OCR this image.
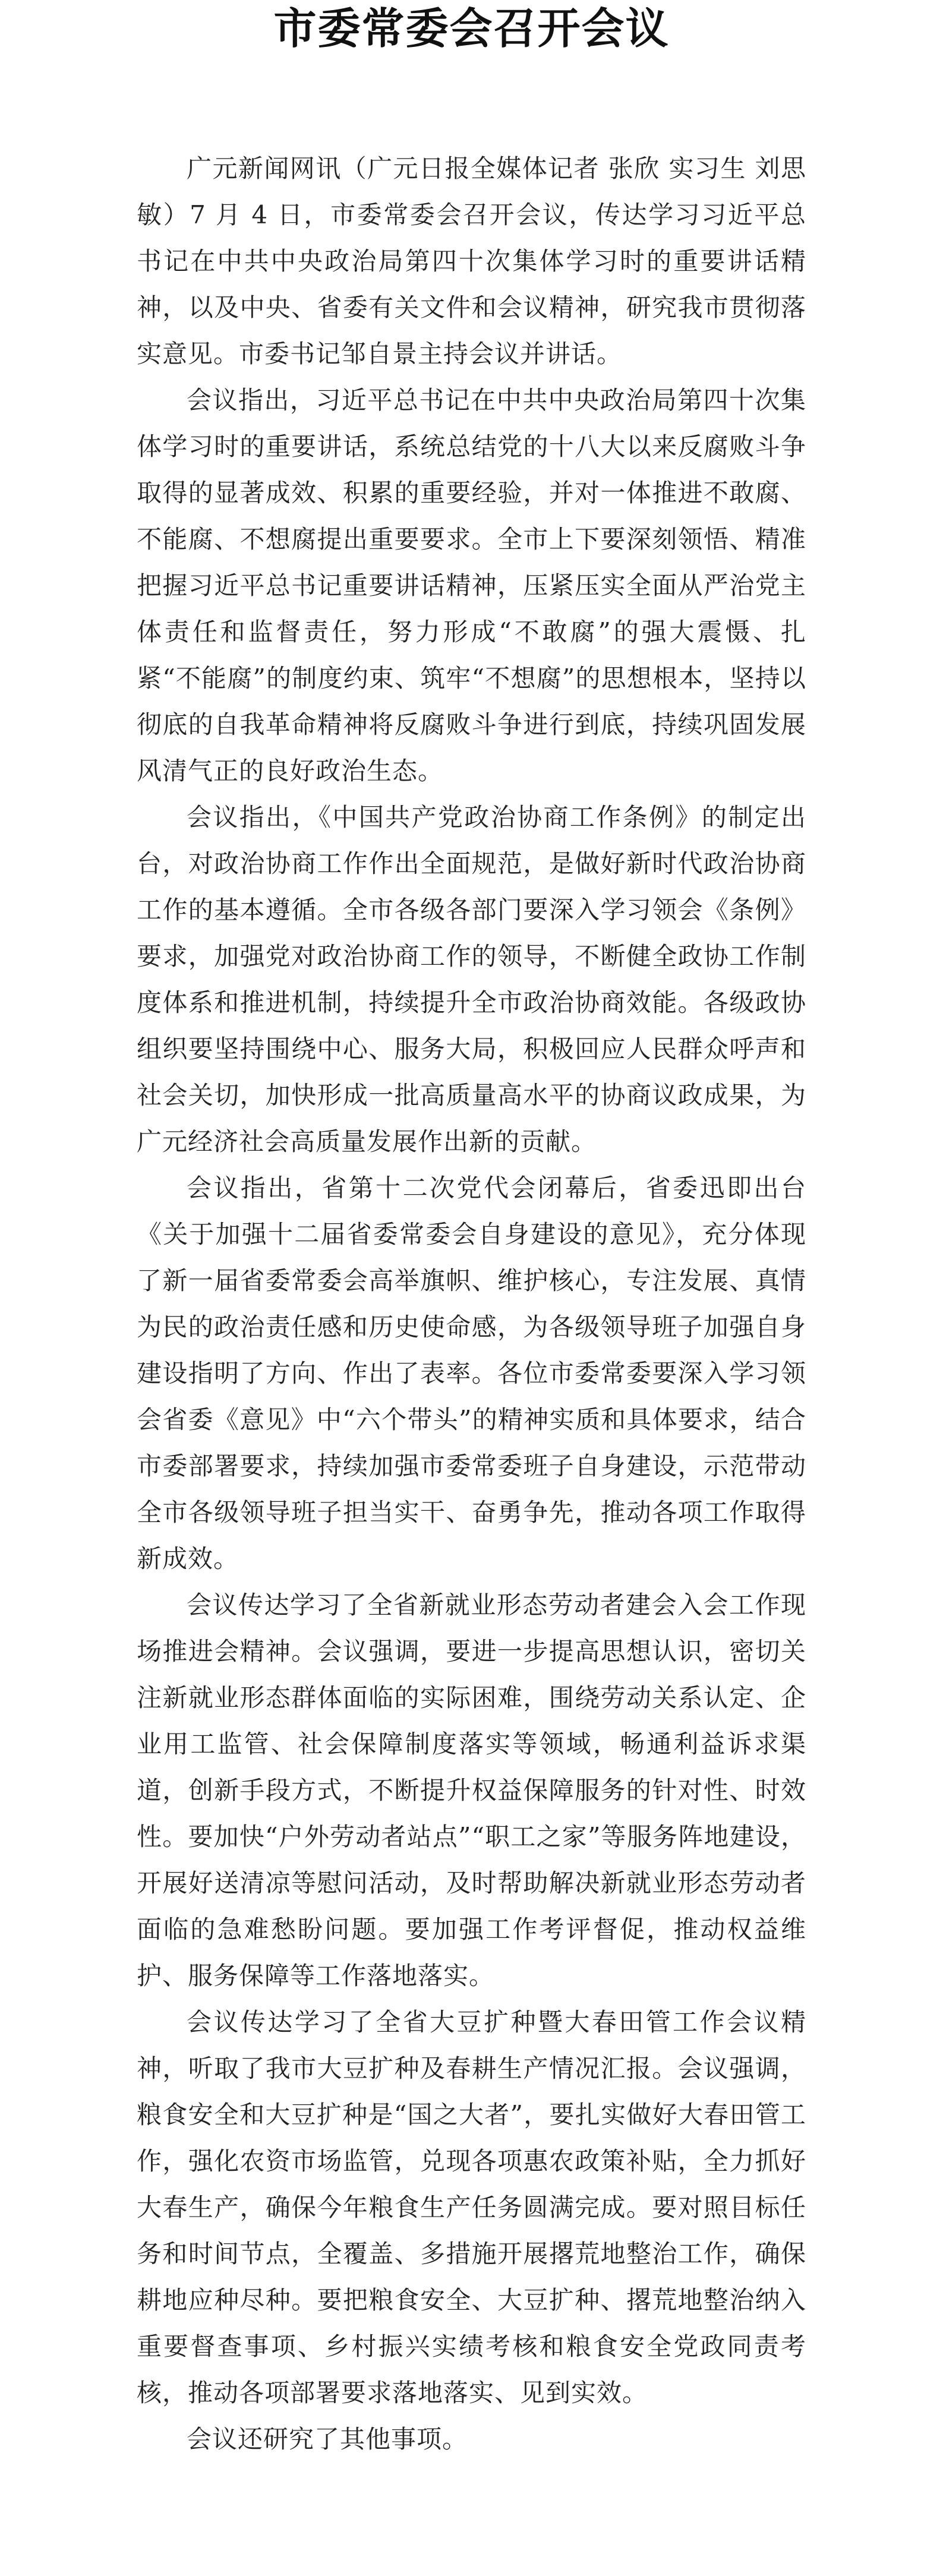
市委常委会召开会议

广元新闻网讯（广元日报全媒体记者 张欣 实习生 刘思敏）7 月 4 日，市委常委会召开会议，传达学习习近平总书记在中共中央政治局第四十次集体学习时的重要讲话精神，以及中央、省委有关文件和会议精神，研究我市贯彻落实意见。市委书记邹自景主持会议并讲话。

会议指出，习近平总书记在中共中央政治局第四十次集体学习时的重要讲话，系统总结党的十八大以来反腐败斗争取得的显著成效、积累的重要经验，并对一体推进不敢腐、不能腐、不想腐提出重要要求。全市上下要深刻领悟、精准把握习近平总书记重要讲话精神，压紧压实全面从严治党主体责任和监督责任，努力形成“不敢腐”的强大震慑、扎紧“不能腐”的制度约束、筑牢“不想腐”的思想根本，坚持以彻底的自我革命精神将反腐败斗争进行到底，持续巩固发展风清气正的良好政治生态。

会议指出，《中国共产党政治协商工作条例》的制定出台，对政治协商工作作出全面规范，是做好新时代政治协商工作的基本遵循。全市各级各部门要深入学习领会《条例》要求，加强党对政治协商工作的领导，不断健全政协工作制度体系和推进机制，持续提升全市政治协商效能。各级政协组织要坚持围绕中心、服务大局，积极回应人民群众呼声和社会关切，加快形成一批高质量高水平的协商议政成果，为广元经济社会高质量发展作出新的贡献。

会议指出，省第十二次党代会闭幕后，省委迅即出台《关于加强十二届省委常委会自身建设的意见》，充分体现了新一届省委常委会高举旗帜、维护核心，专注发展、真情为民的政治责任感和历史使命感，为各级领导班子加强自身建设指明了方向、作出了表率。各位市委常委要深入学习领会省委《意见》中“六个带头”的精神实质和具体要求，结合市委部署要求，持续加强市委常委班子自身建设，示范带动全市各级领导班子担当实干、奋勇争先，推动各项工作取得新成效。

会议传达学习了全省新就业形态劳动者建会入会工作现场推进会精神。会议强调，要进一步提高思想认识，密切关注新就业形态群体面临的实际困难，围绕劳动关系认定、企业用工监管、社会保障制度落实等领域，畅通利益诉求渠道，创新手段方式，不断提升权益保障服务的针对性、时效性。要加快“户外劳动者站点”“职工之家”等服务阵地建设，开展好送清凉等慰问活动，及时帮助解决新就业形态劳动者面临的急难愁盼问题。要加强工作考评督促，推动权益维护、服务保障等工作落地落实。

会议传达学习了全省大豆扩种暨大春田管工作会议精神，听取了我市大豆扩种及春耕生产情况汇报。会议强调，粮食安全和大豆扩种是“国之大者”，要扎实做好大春田管工作，强化农资市场监管，兑现各项惠农政策补贴，全力抓好大春生产，确保今年粮食生产任务圆满完成。要对照目标任务和时间节点，全覆盖、多措施开展撂荒地整治工作，确保耕地应种尽种。要把粮食安全、大豆扩种、撂荒地整治纳入重要督查事项、乡村振兴实绩考核和粮食安全党政同责考核，推动各项部署要求落地落实、见到实效。

会议还研究了其他事项。
